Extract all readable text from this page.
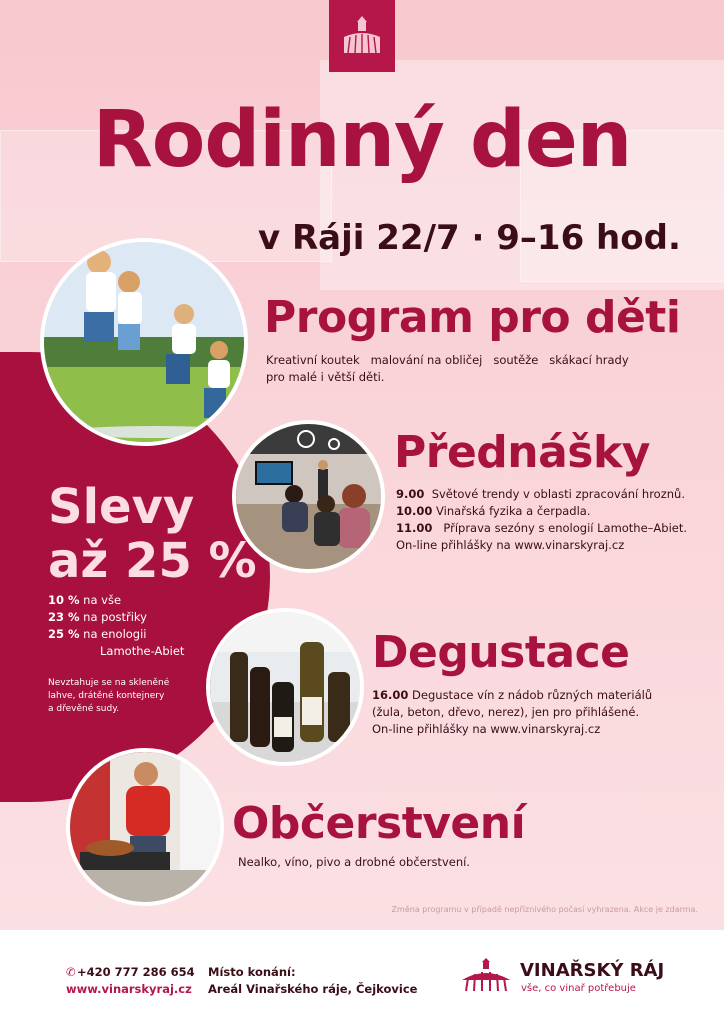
Rodinný den
v Ráji 22/7 · 9–16 hod.
Program pro děti
Kreativní koutek   malování na obličej   soutěže   skákací hrady
pro malé i větší děti.
Přednášky
9.00 Světové trendy v oblasti zpracování hroznů.
10.00 Vinařská fyzika a čerpadla.
11.00 Příprava sezóny s enologií Lamothe–Abiet.
On-line přihlášky na www.vinarskyraj.cz
Slevy
až 25 %
10 % na vše
23 % na postřiky
25 % na enologii
Lamothe-Abiet
Nevztahuje se na skleněné
lahve, drátěné kontejnery
a dřevěné sudy.
Degustace
16.00 Degustace vín z nádob různých materiálů
(žula, beton, dřevo, nerez), jen pro přihlášené.
On-line přihlášky na www.vinarskyraj.cz
Občerstvení
Nealko, víno, pivo a drobné občerstvení.
Změna programu v případě nepříznivého počasí vyhrazena. Akce je zdarma.
✆+420 777 286 654
www.vinarskyraj.cz
Místo konání:
Areál Vinařského ráje, Čejkovice
VINAŘSKÝ RÁJ
vše, co vinař potřebuje
